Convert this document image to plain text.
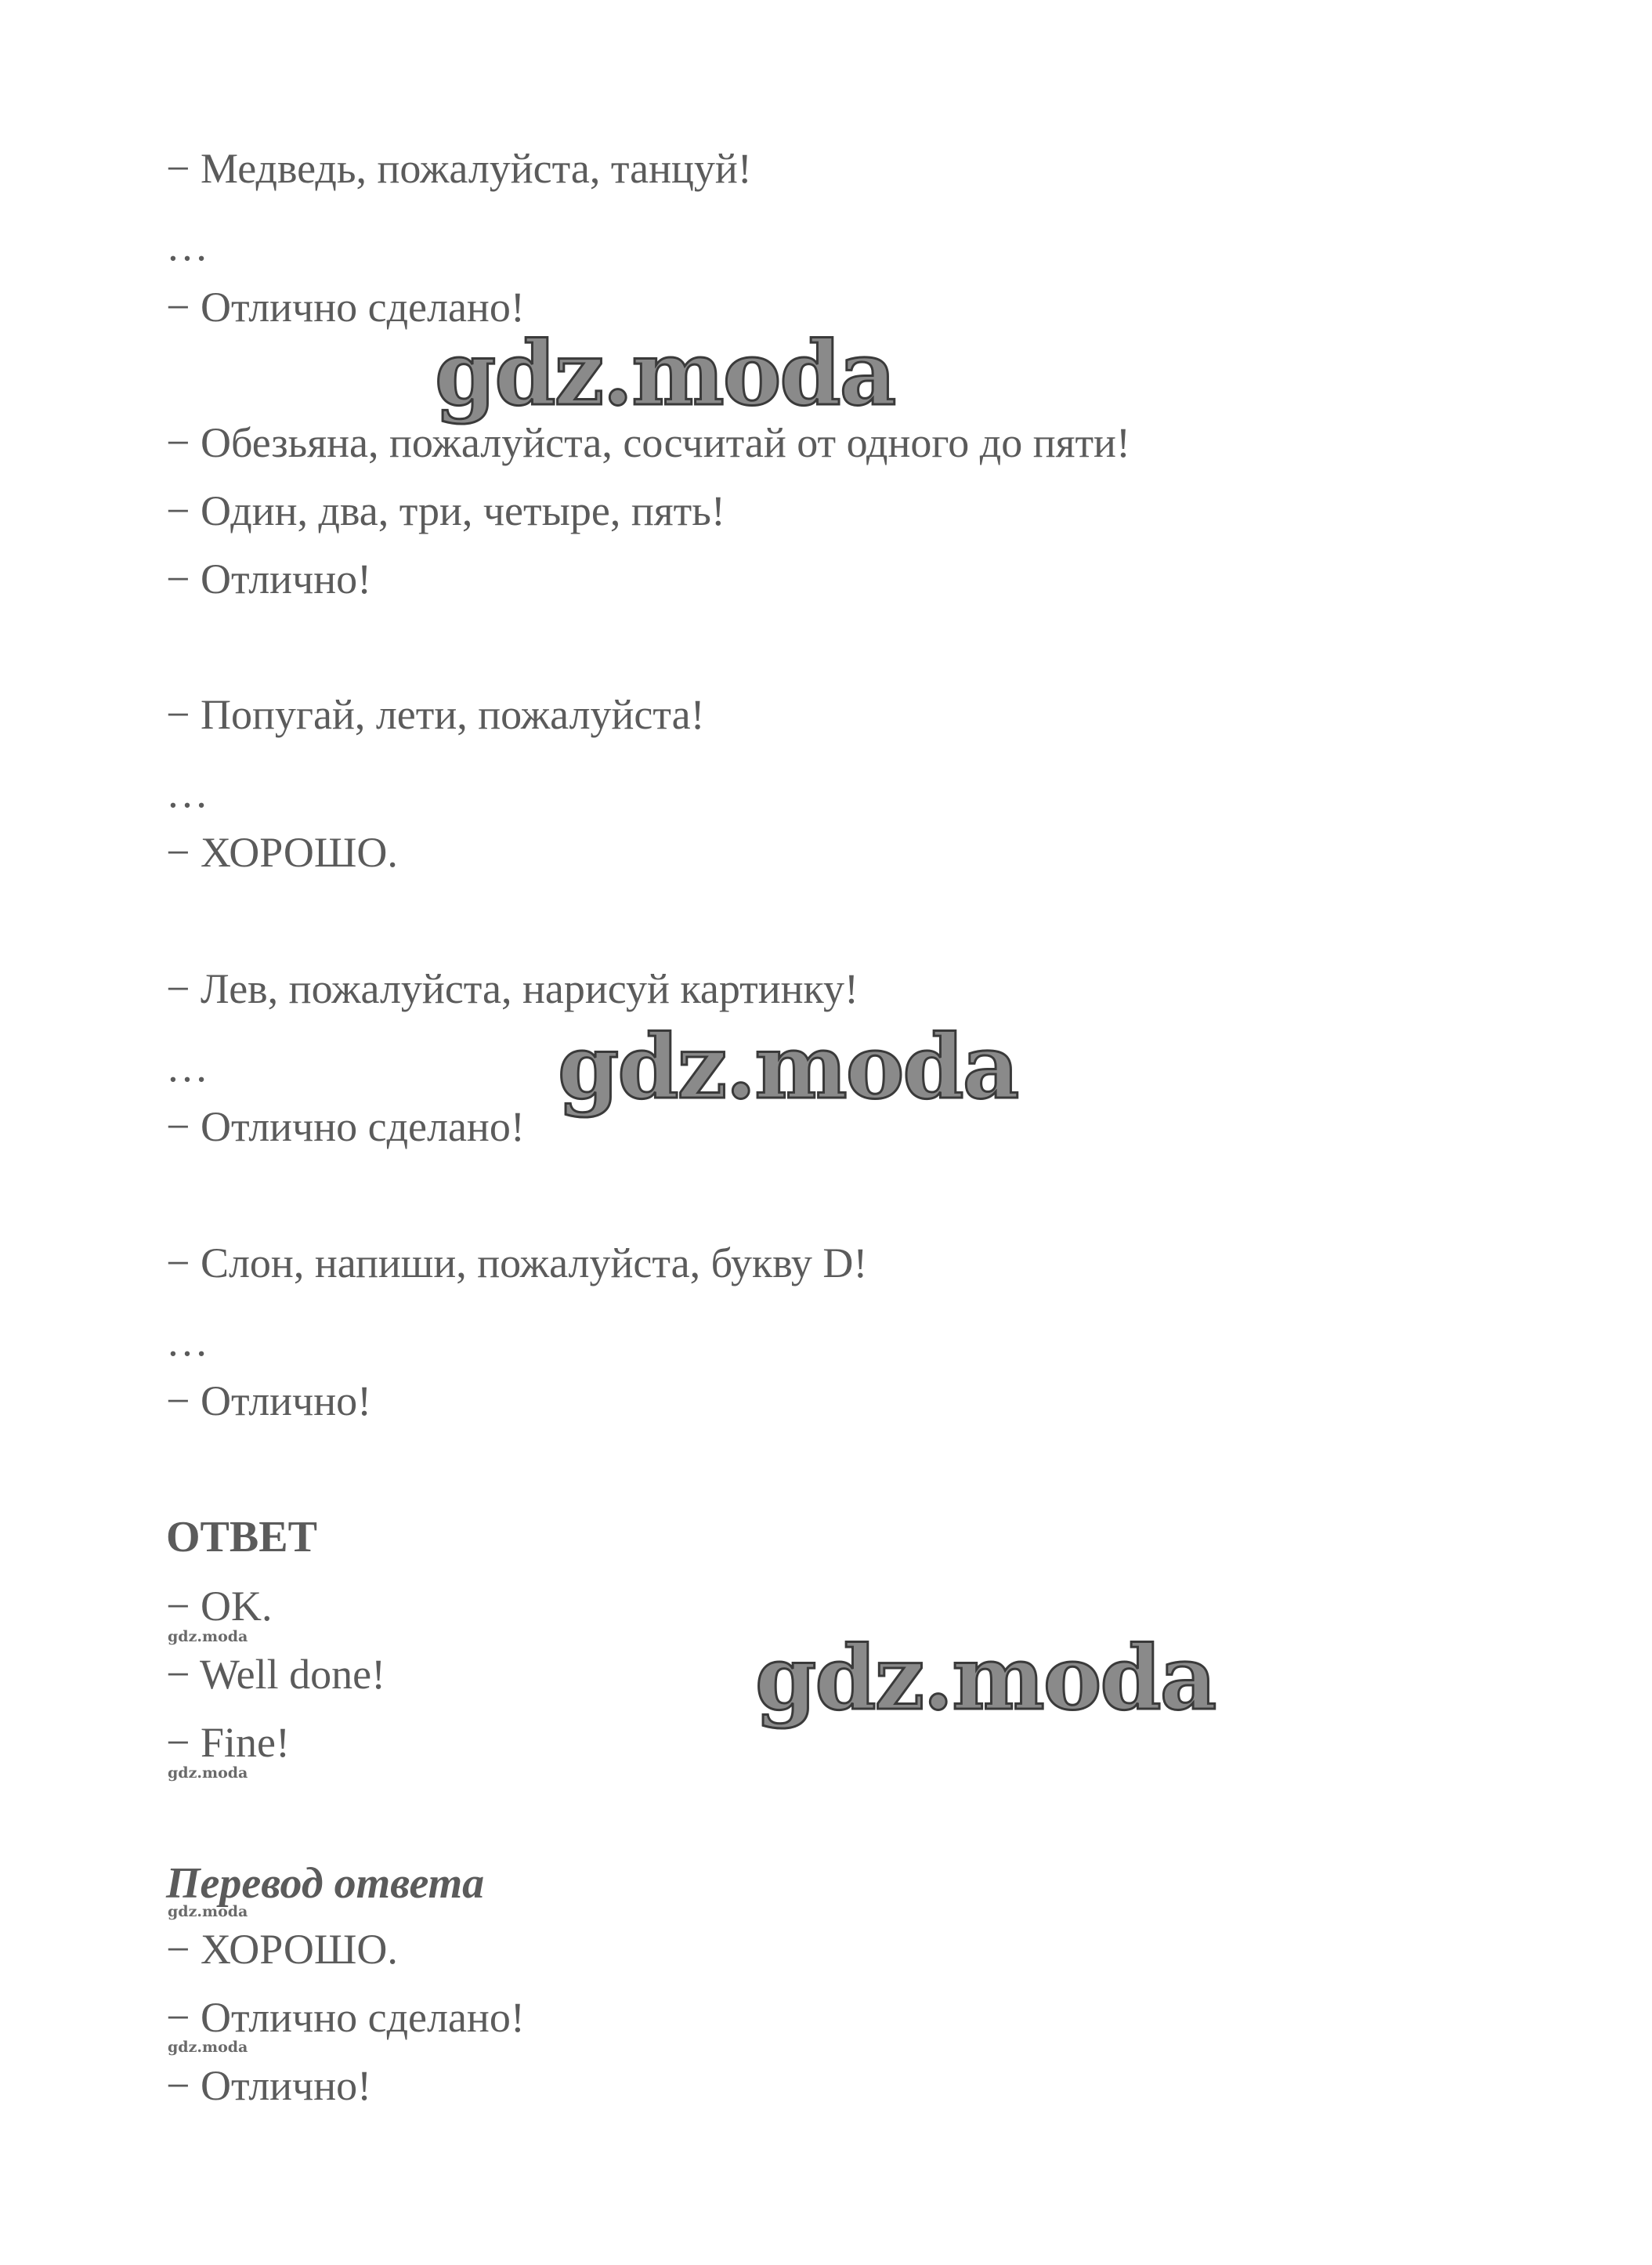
− Медведь, пожалуйста, танцуй!

…

− Отлично сделано!

− Обезьяна, пожалуйста, сосчитай от одного до пяти!

− Один, два, три, четыре, пять!

− Отлично!

− Попугай, лети, пожалуйста!

…

− ХОРОШО.

− Лев, пожалуйста, нарисуй картинку!

…

− Отлично сделано!

− Слон, напиши, пожалуйста, букву D!

…

− Отлично!

ОТВЕТ

− OK.

− Well done!

− Fine!

Перевод ответа

− ХОРОШО.

− Отлично сделано!

− Отлично!

gdz.moda
gdz.moda
gdz.moda
gdz.moda
gdz.moda
gdz.moda
gdz.moda
